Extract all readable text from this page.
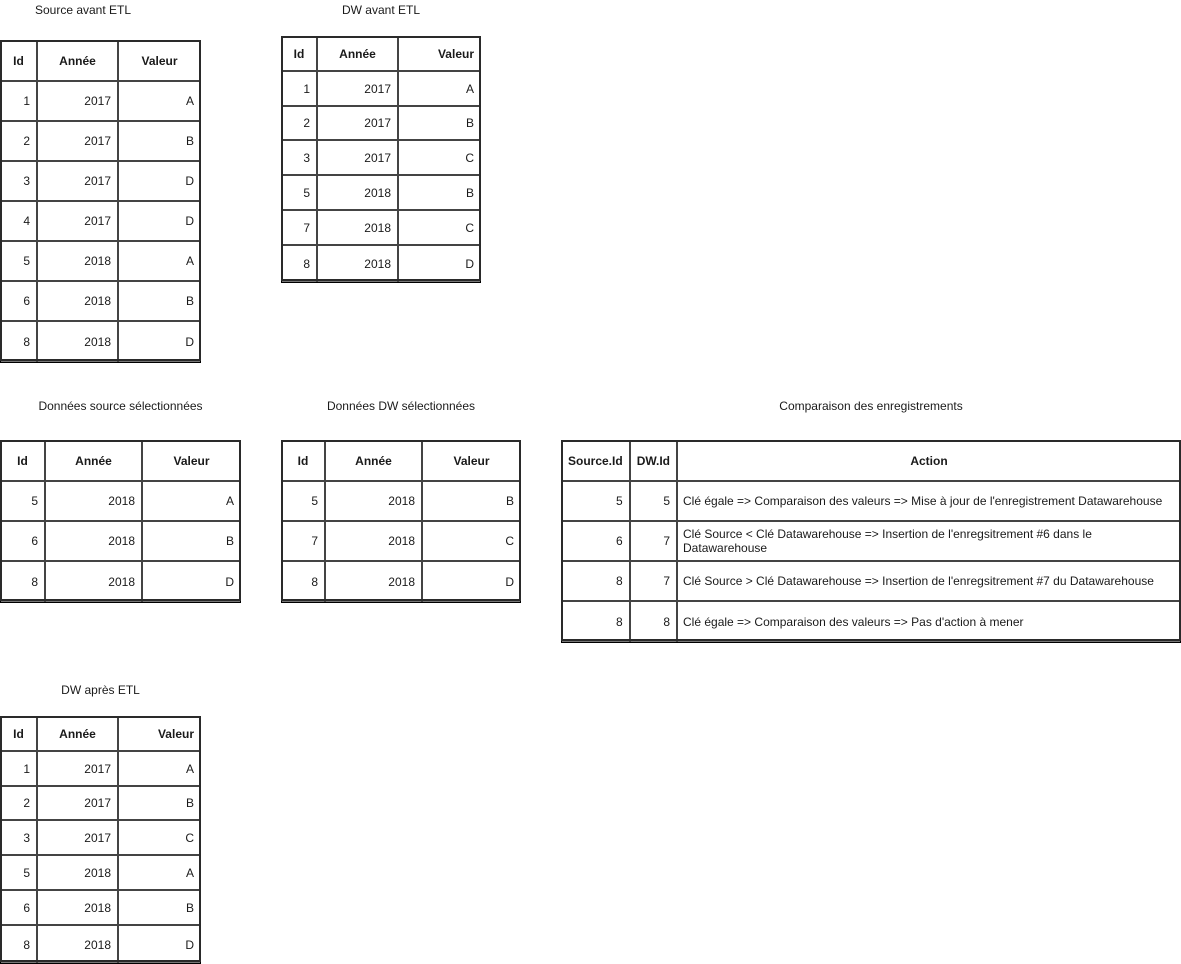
Source avant ETL
Id	Année	Valeur
1	2017	A
2	2017	B
3	2017	D
4	2017	D
5	2018	A
6	2018	B
8	2018	D
DW avant ETL
Id	Année	Valeur
1	2017	A
2	2017	B
3	2017	C
5	2018	B
7	2018	C
8	2018	D
Données source sélectionnées
Id	Année	Valeur
5	2018	A
6	2018	B
8	2018	D
Données DW sélectionnées
Id	Année	Valeur
5	2018	B
7	2018	C
8	2018	D
Comparaison des enregistrements
Source.Id	DW.Id	Action
5	5	Clé égale => Comparaison des valeurs => Mise à jour de l'enregistrement Datawarehouse
6	7	Clé Source < Clé Datawarehouse => Insertion de l'enregsitrement #6 dans le Datawarehouse
8	7	Clé Source > Clé Datawarehouse => Insertion de l'enregsitrement #7 du Datawarehouse
8	8	Clé égale => Comparaison des valeurs => Pas d'action à mener
DW après ETL
Id	Année	Valeur
1	2017	A
2	2017	B
3	2017	C
5	2018	A
6	2018	B
8	2018	D
